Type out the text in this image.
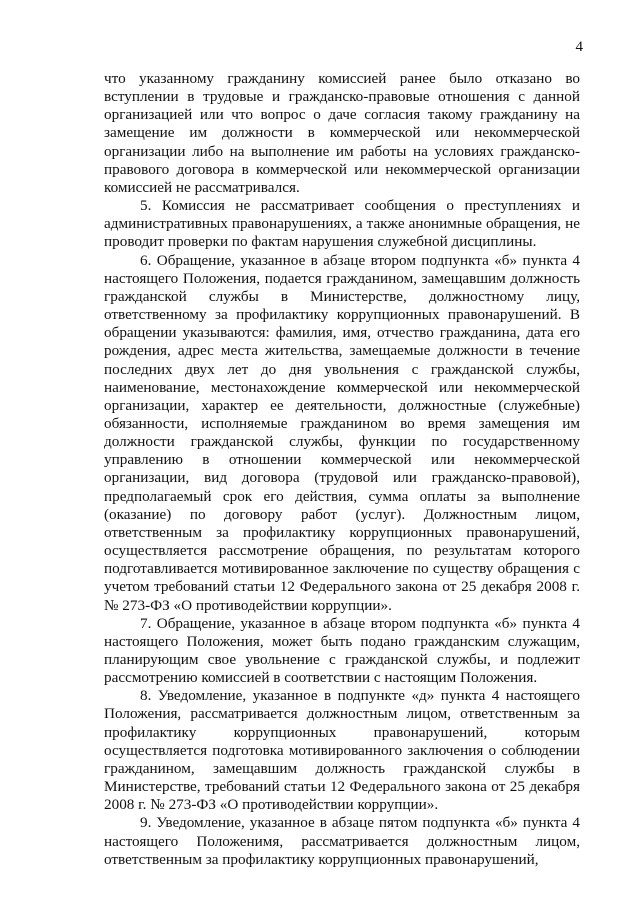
4

что указанному гражданину комиссией ранее было отказано во вступлении в трудовые и гражданско-правовые отношения с данной организацией или что вопрос о даче согласия такому гражданину на замещение им должности в коммерческой или некоммерческой организации либо на выполнение им работы на условиях гражданско-правового договора в коммерческой или некоммерческой организации комиссией не рассматривался.

5. Комиссия не рассматривает сообщения о преступлениях и административных правонарушениях, а также анонимные обращения, не проводит проверки по фактам нарушения служебной дисциплины.

6. Обращение, указанное в абзаце втором подпункта «б» пункта 4 настоящего Положения, подается гражданином, замещавшим должность гражданской службы в Министерстве, должностному лицу, ответственному за профилактику коррупционных правонарушений. В обращении указываются: фамилия, имя, отчество гражданина, дата его рождения, адрес места жительства, замещаемые должности в течение последних двух лет до дня увольнения с гражданской службы, наименование, местонахождение коммерческой или некоммерческой организации, характер ее деятельности, должностные (служебные) обязанности, исполняемые гражданином во время замещения им должности гражданской службы, функции по государственному управлению в отношении коммерческой или некоммерческой организации, вид договора (трудовой или гражданско-правовой), предполагаемый срок его действия, сумма оплаты за выполнение (оказание) по договору работ (услуг). Должностным лицом, ответственным за профилактику коррупционных правонарушений, осуществляется рассмотрение обращения, по результатам которого подготавливается мотивированное заключение по существу обращения с учетом требований статьи 12 Федерального закона от 25 декабря 2008 г. № 273-ФЗ «О противодействии коррупции».

7. Обращение, указанное в абзаце втором подпункта «б» пункта 4 настоящего Положения, может быть подано гражданским служащим, планирующим свое увольнение с гражданской службы, и подлежит рассмотрению комиссией в соответствии с настоящим Положения.

8. Уведомление, указанное в подпункте «д» пункта 4 настоящего Положения, рассматривается должностным лицом, ответственным за профилактику коррупционных правонарушений, которым осуществляется подготовка мотивированного заключения о соблюдении гражданином, замещавшим должность гражданской службы в Министерстве, требований статьи 12 Федерального закона от 25 декабря 2008 г. № 273-ФЗ «О противодействии коррупции».

9. Уведомление, указанное в абзаце пятом подпункта «б» пункта 4 настоящего Положенимя, рассматривается должностным лицом, ответственным за профилактику коррупционных правонарушений,
